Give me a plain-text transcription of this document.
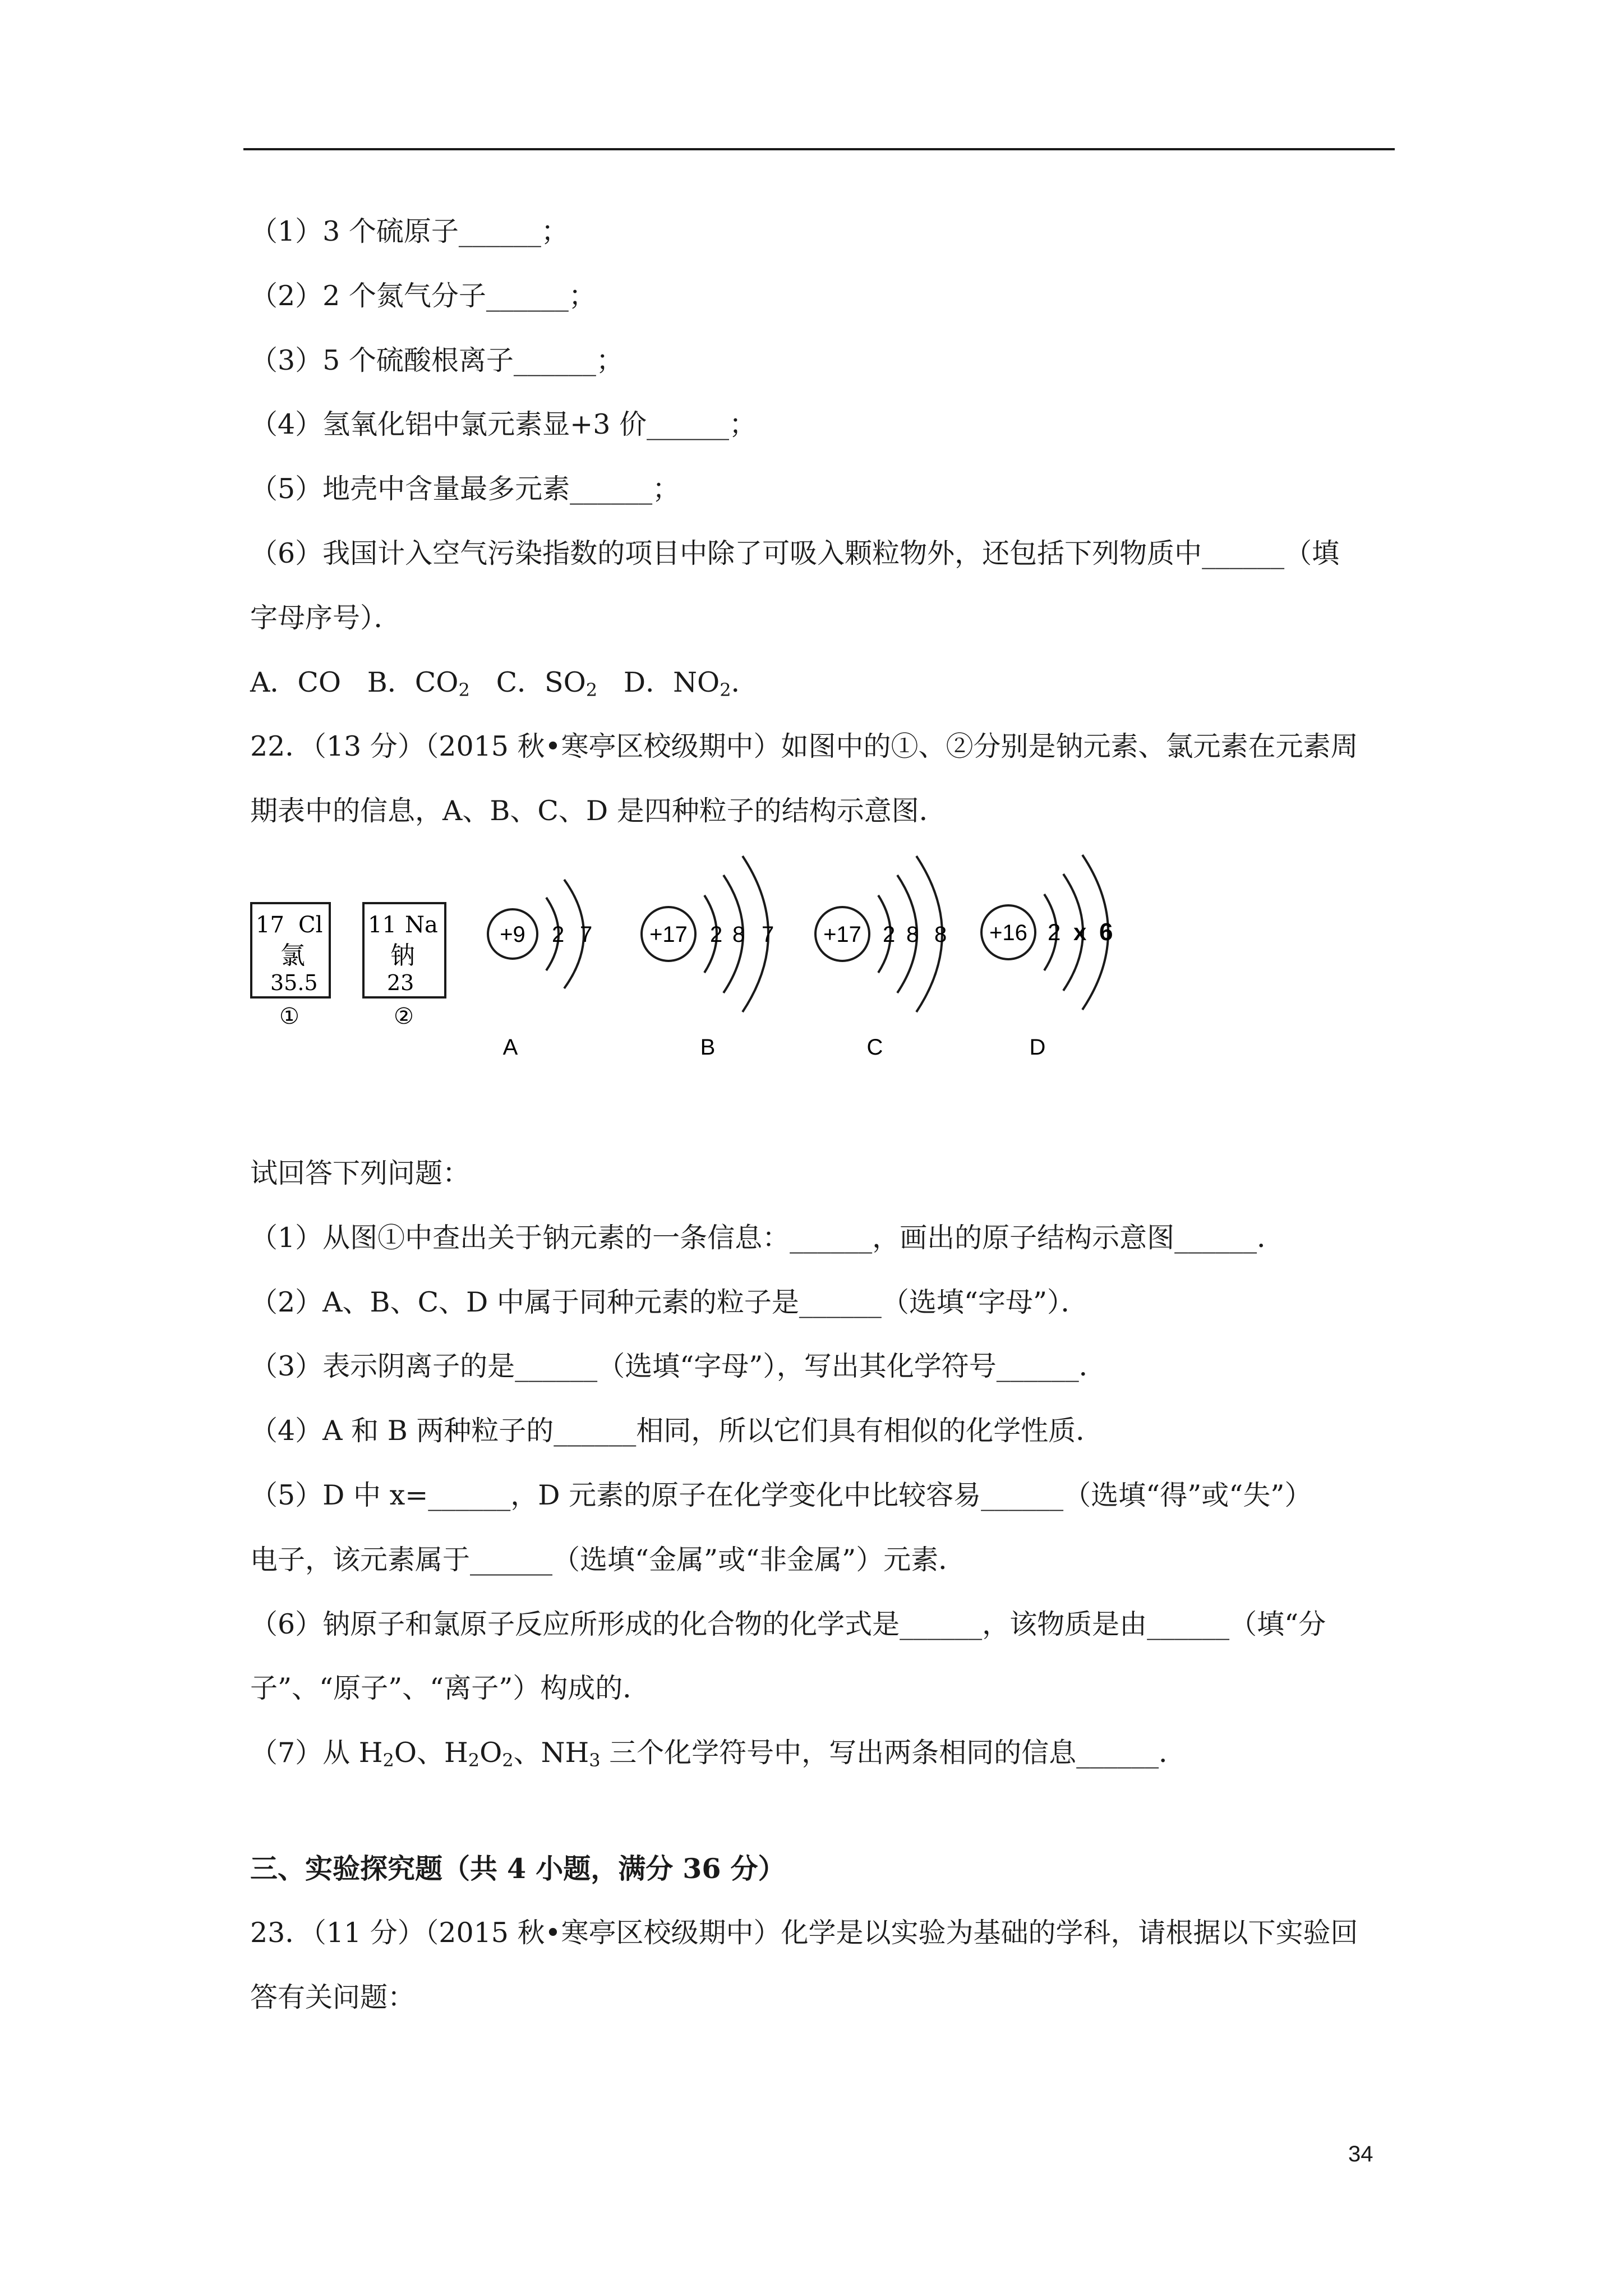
（1）3 个硫原子______；
（2）2 个氮气分子______；
（3）5 个硫酸根离子______；
（4）氢氧化铝中氯元素显+3 价______；
（5）地壳中含量最多元素______；
（6）我国计入空气污染指数的项目中除了可吸入颗粒物外，还包括下列物质中______（填
字母序号）．
A．CO B．$CO_2$ C．$SO_2$ D．$NO_2$．
22．（13 分）（2015 秋•寒亭区校级期中）如图中的①、②分别是钠元素、氯元素在元素周
期表中的信息，A、B、C、D 是四种粒子的结构示意图．
17 Cl
氯
35.5
①
11 Na
钠
23
②
+9 2 7
A
+17 2 8 7
B
+17 2 8 8
C
+16 2 x 6
D
试回答下列问题：
（1）从图①中查出关于钠元素的一条信息：______，画出的原子结构示意图______．
（2）A、B、C、D 中属于同种元素的粒子是______（选填“字母”）．
（3）表示阴离子的是______（选填“字母”），写出其化学符号______．
（4）A 和 B 两种粒子的______相同，所以它们具有相似的化学性质．
（5）D 中 x=______，D 元素的原子在化学变化中比较容易______（选填“得”或“失”）
电子，该元素属于______（选填“金属”或“非金属”）元素．
（6）钠原子和氯原子反应所形成的化合物的化学式是______，该物质是由______（填“分
子”、“原子”、“离子”）构成的．
（7）从 $H_2O$、$H_2O_2$、$NH_3$ 三个化学符号中，写出两条相同的信息______．
三、实验探究题（共 4 小题，满分 36 分）
23．（11 分）（2015 秋•寒亭区校级期中）化学是以实验为基础的学科，请根据以下实验回
答有关问题：
34
